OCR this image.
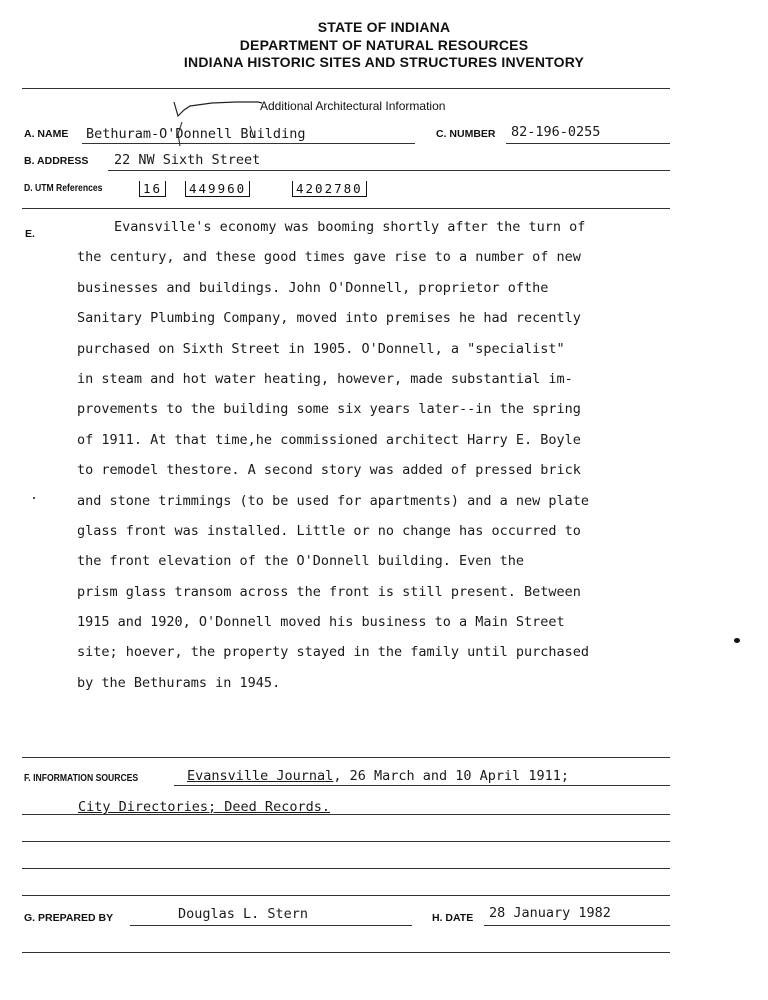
STATE OF INDIANA
DEPARTMENT OF NATURAL RESOURCES
INDIANA HISTORIC SITES AND STRUCTURES INVENTORY
Additional Architectural Information
A. NAME Bethuram-O'Donnell Building	C. NUMBER 82-196-0255
B. ADDRESS 22 NW Sixth Street
D. UTM References	16	449960	4202780
E.	Evansville's economy was booming shortly after the turn of
the century, and these good times gave rise to a number of new
businesses and buildings. John O'Donnell, proprietor ofthe
Sanitary Plumbing Company, moved into premises he had recently
purchased on Sixth Street in 1905. O'Donnell, a "specialist"
in steam and hot water heating, however, made substantial im-
provements to the building some six years later--in the spring
of 1911. At that time,he commissioned architect Harry E. Boyle
to remodel thestore. A second story was added of pressed brick
and stone trimmings (to be used for apartments) and a new plate
glass front was installed. Little or no change has occurred to
the front elevation of the O'Donnell building. Even the
prism glass transom across the front is still present. Between
1915 and 1920, O'Donnell moved his business to a Main Street
site; hoever, the property stayed in the family until purchased
by the Bethurams in 1945.
F. INFORMATION SOURCES	Evansville Journal, 26 March and 10 April 1911;
City Directories; Deed Records.
G. PREPARED BY	Douglas L. Stern	H. DATE 28 January 1982
